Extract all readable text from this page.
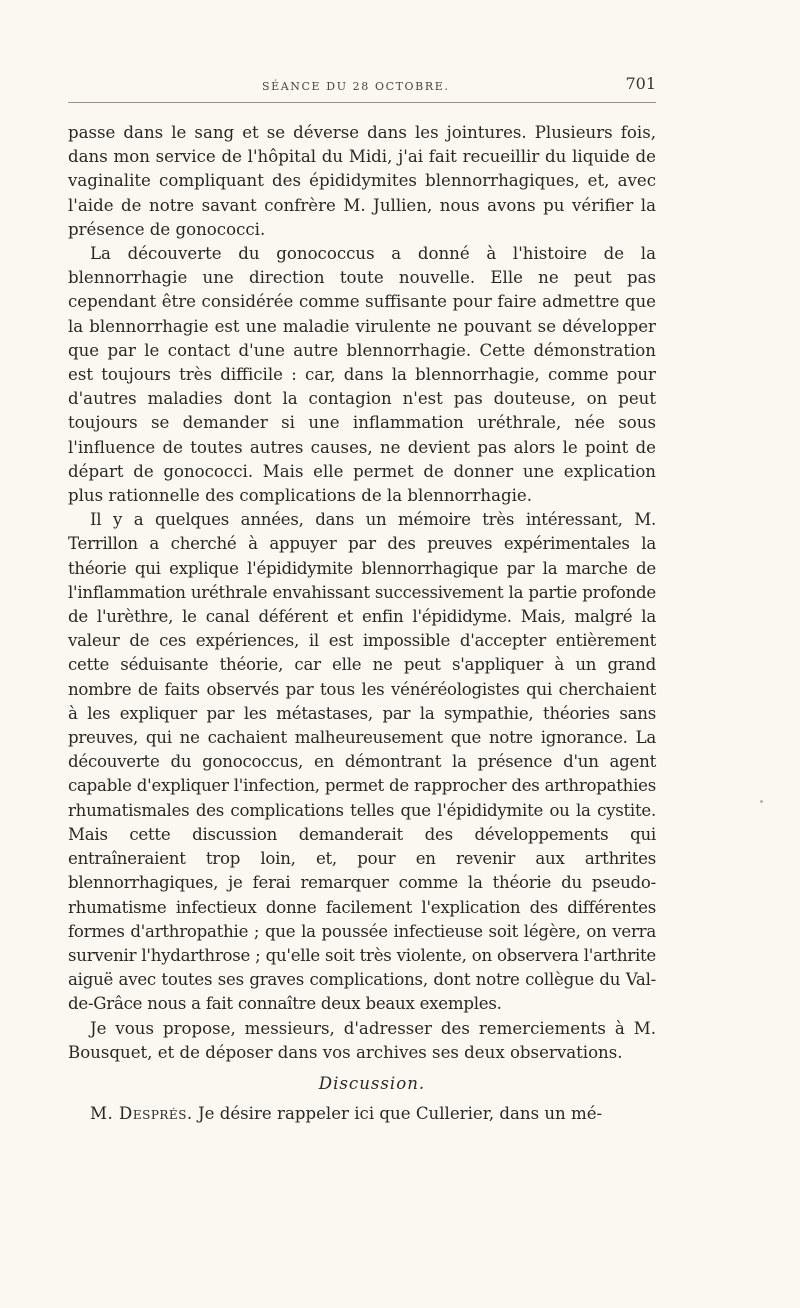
SÉANCE DU 28 OCTOBRE.	701

passe dans le sang et se déverse dans les jointures. Plusieurs fois, dans mon service de l'hôpital du Midi, j'ai fait recueillir du liquide de vaginalite compliquant des épididymites blennorrhagiques, et, avec l'aide de notre savant confrère M. Jullien, nous avons pu vérifier la présence de gonococci.

La découverte du gonococcus a donné à l'histoire de la blennorrhagie une direction toute nouvelle. Elle ne peut pas cependant être considérée comme suffisante pour faire admettre que la blennorrhagie est une maladie virulente ne pouvant se développer que par le contact d'une autre blennorrhagie. Cette démonstration est toujours très difficile : car, dans la blennorrhagie, comme pour d'autres maladies dont la contagion n'est pas douteuse, on peut toujours se demander si une inflammation uréthrale, née sous l'influence de toutes autres causes, ne devient pas alors le point de départ de gonococci. Mais elle permet de donner une explication plus rationnelle des complications de la blennorrhagie.

Il y a quelques années, dans un mémoire très intéressant, M. Terrillon a cherché à appuyer par des preuves expérimentales la théorie qui explique l'épididymite blennorrhagique par la marche de l'inflammation uréthrale envahissant successivement la partie profonde de l'urèthre, le canal déférent et enfin l'épididyme. Mais, malgré la valeur de ces expériences, il est impossible d'accepter entièrement cette séduisante théorie, car elle ne peut s'appliquer à un grand nombre de faits observés par tous les vénéréologistes qui cherchaient à les expliquer par les métastases, par la sympathie, théories sans preuves, qui ne cachaient malheureusement que notre ignorance. La découverte du gonococcus, en démontrant la présence d'un agent capable d'expliquer l'infection, permet de rapprocher des arthropathies rhumatismales des complications telles que l'épididymite ou la cystite. Mais cette discussion demanderait des développements qui entraîneraient trop loin, et, pour en revenir aux arthrites blennorrhagiques, je ferai remarquer comme la théorie du pseudo-rhumatisme infectieux donne facilement l'explication des différentes formes d'arthropathie ; que la poussée infectieuse soit légère, on verra survenir l'hydarthrose ; qu'elle soit très violente, on observera l'arthrite aiguë avec toutes ses graves complications, dont notre collègue du Val-de-Grâce nous a fait connaître deux beaux exemples.

Je vous propose, messieurs, d'adresser des remerciements à M. Bousquet, et de déposer dans vos archives ses deux observations.

Discussion.

M. Després. Je désire rappeler ici que Cullerier, dans un mé-
